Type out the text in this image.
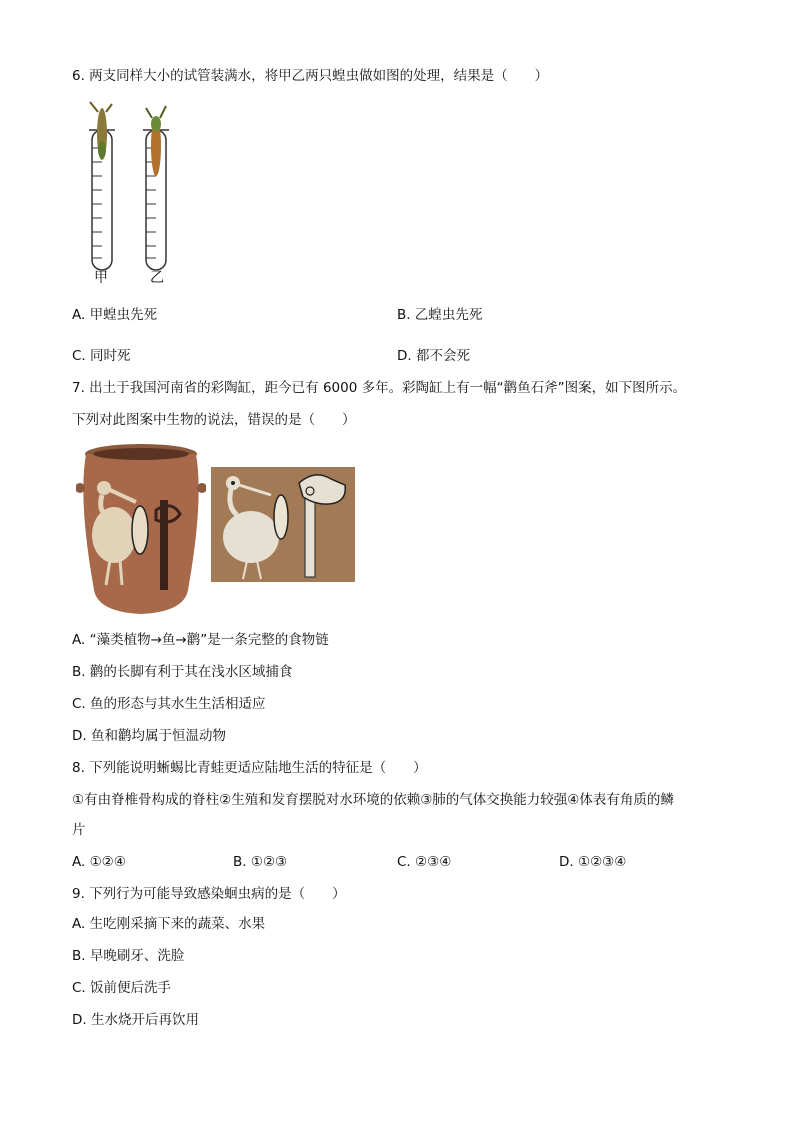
6. 两支同样大小的试管装满水，将甲乙两只蝗虫做如图的处理，结果是（　　）
甲	乙
A. 甲蝗虫先死	B. 乙蝗虫先死
C. 同时死	D. 都不会死
7. 出土于我国河南省的彩陶缸，距今已有 6000 多年。彩陶缸上有一幅“鹳鱼石斧”图案，如下图所示。
下列对此图案中生物的说法，错误的是（　　）
A. “藻类植物→鱼→鹳”是一条完整的食物链
B. 鹳的长脚有利于其在浅水区域捕食
C. 鱼的形态与其水生生活相适应
D. 鱼和鹳均属于恒温动物
8. 下列能说明蜥蜴比青蛙更适应陆地生活的特征是（　　）
①有由脊椎骨构成的脊柱②生殖和发育摆脱对水环境的依赖③肺的气体交换能力较强④体表有角质的鳞
片
A. ①②④	B. ①②③	C. ②③④	D. ①②③④
9. 下列行为可能导致感染蛔虫病的是（　　）
A. 生吃刚采摘下来的蔬菜、水果
B. 早晚刷牙、洗脸
C. 饭前便后洗手
D. 生水烧开后再饮用
